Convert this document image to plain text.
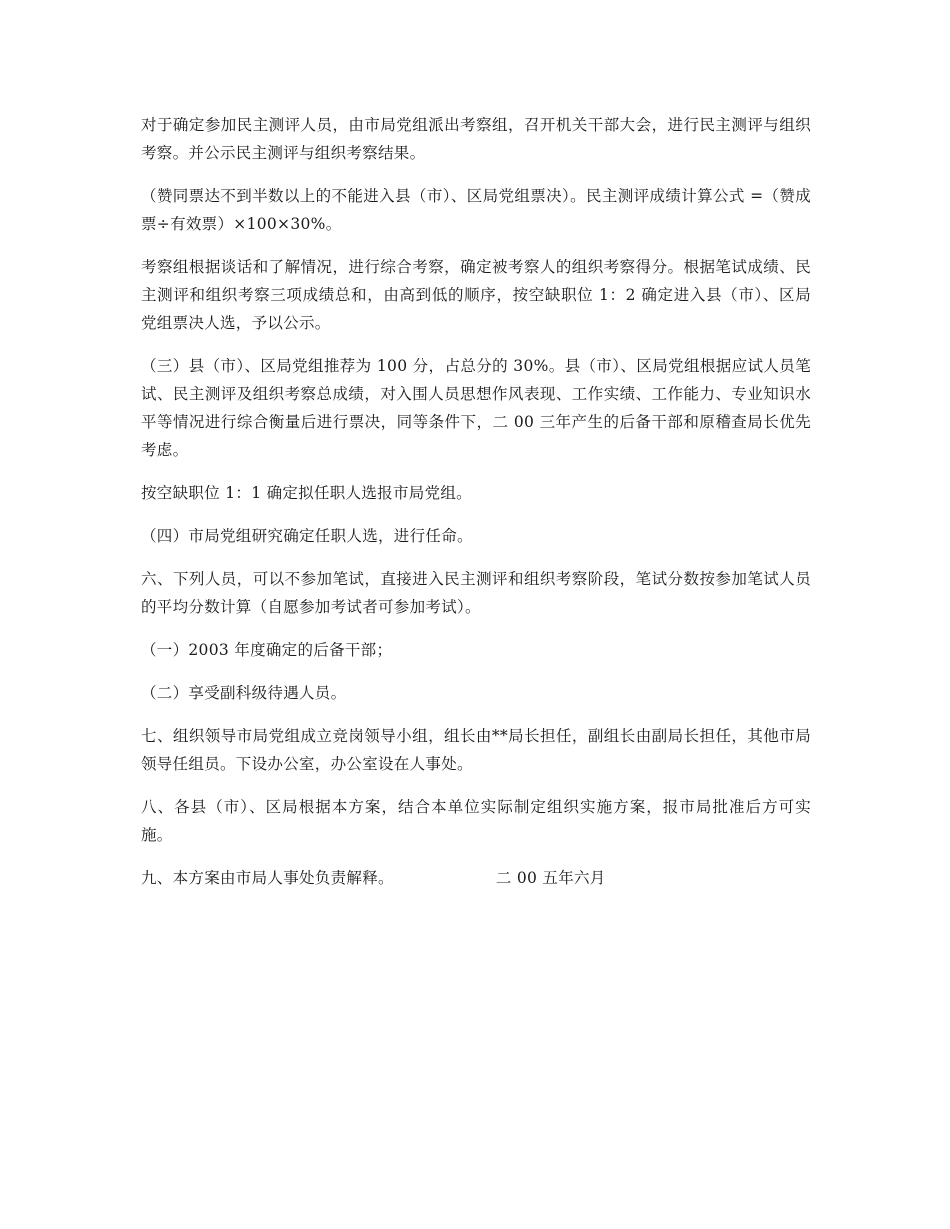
对于确定参加民主测评人员，由市局党组派出考察组，召开机关干部大会，进行民主测评与组织考察。并公示民主测评与组织考察结果。

（赞同票达不到半数以上的不能进入县（市）、区局党组票决）。民主测评成绩计算公式 =（赞成票÷有效票）×100×30%。

考察组根据谈话和了解情况，进行综合考察，确定被考察人的组织考察得分。根据笔试成绩、民主测评和组织考察三项成绩总和，由高到低的顺序，按空缺职位 1：2 确定进入县（市）、区局党组票决人选，予以公示。

（三）县（市）、区局党组推荐为 100 分，占总分的 30%。县（市）、区局党组根据应试人员笔试、民主测评及组织考察总成绩，对入围人员思想作风表现、工作实绩、工作能力、专业知识水平等情况进行综合衡量后进行票决，同等条件下，二 00 三年产生的后备干部和原稽查局长优先考虑。

按空缺职位 1：1 确定拟任职人选报市局党组。

（四）市局党组研究确定任职人选，进行任命。

六、下列人员，可以不参加笔试，直接进入民主测评和组织考察阶段，笔试分数按参加笔试人员的平均分数计算（自愿参加考试者可参加考试）。

（一）2003 年度确定的后备干部；

（二）享受副科级待遇人员。

七、组织领导市局党组成立竞岗领导小组，组长由**局长担任，副组长由副局长担任，其他市局领导任组员。下设办公室，办公室设在人事处。

八、各县（市）、区局根据本方案，结合本单位实际制定组织实施方案，报市局批准后方可实施。

九、本方案由市局人事处负责解释。	二 00 五年六月
